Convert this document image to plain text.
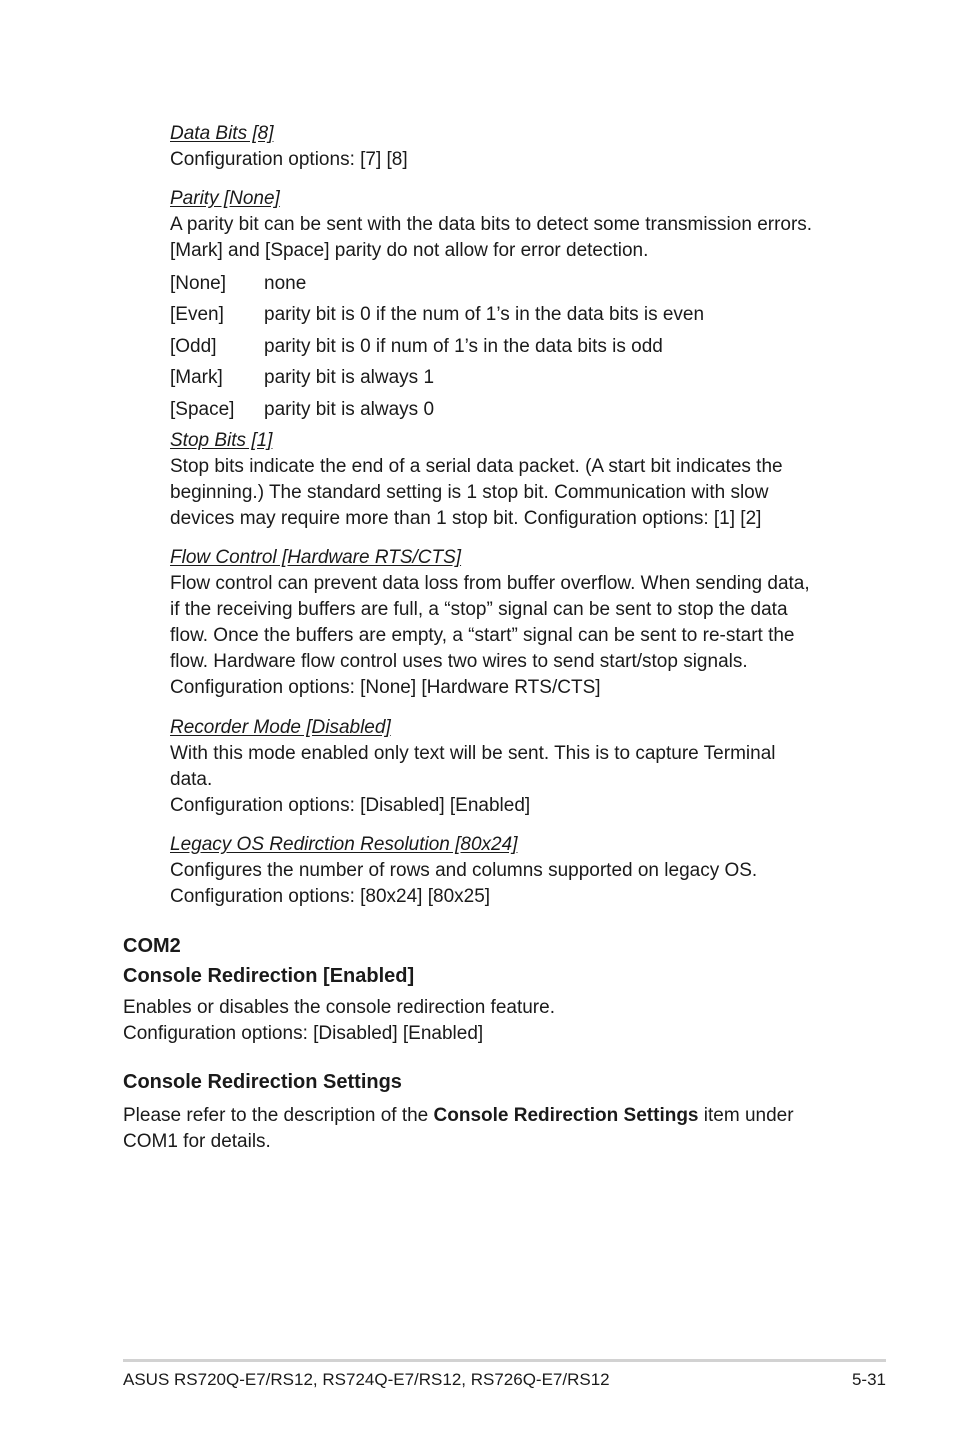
Data Bits [8]
Configuration options: [7] [8]

Parity [None]
A parity bit can be sent with the data bits to detect some transmission errors.
[Mark] and [Space] parity do not allow for error detection.

[None] none
[Even] parity bit is 0 if the num of 1’s in the data bits is even
[Odd]	parity bit is 0 if num of 1’s in the data bits is odd
[Mark] parity bit is always 1
[Space] parity bit is always 0

Stop Bits [1]
Stop bits indicate the end of a serial data packet. (A start bit indicates the
beginning.) The standard setting is 1 stop bit. Communication with slow
devices may require more than 1 stop bit. Configuration options: [1] [2]

Flow Control [Hardware RTS/CTS]
Flow control can prevent data loss from buffer overflow. When sending data,
if the receiving buffers are full, a “stop” signal can be sent to stop the data
flow. Once the buffers are empty, a “start” signal can be sent to re-start the
flow. Hardware flow control uses two wires to send start/stop signals.
Configuration options: [None] [Hardware RTS/CTS]

Recorder Mode [Disabled]
With this mode enabled only text will be sent. This is to capture Terminal
data.
Configuration options: [Disabled] [Enabled]

Legacy OS Redirction Resolution [80x24]
Configures the number of rows and columns supported on legacy OS.
Configuration options: [80x24] [80x25]

COM2
Console Redirection [Enabled]

Enables or disables the console redirection feature.
Configuration options: [Disabled] [Enabled]

Console Redirection Settings

Please refer to the description of the Console Redirection Settings item under
COM1 for details.

ASUS RS720Q-E7/RS12, RS724Q-E7/RS12, RS726Q-E7/RS12	5-31
